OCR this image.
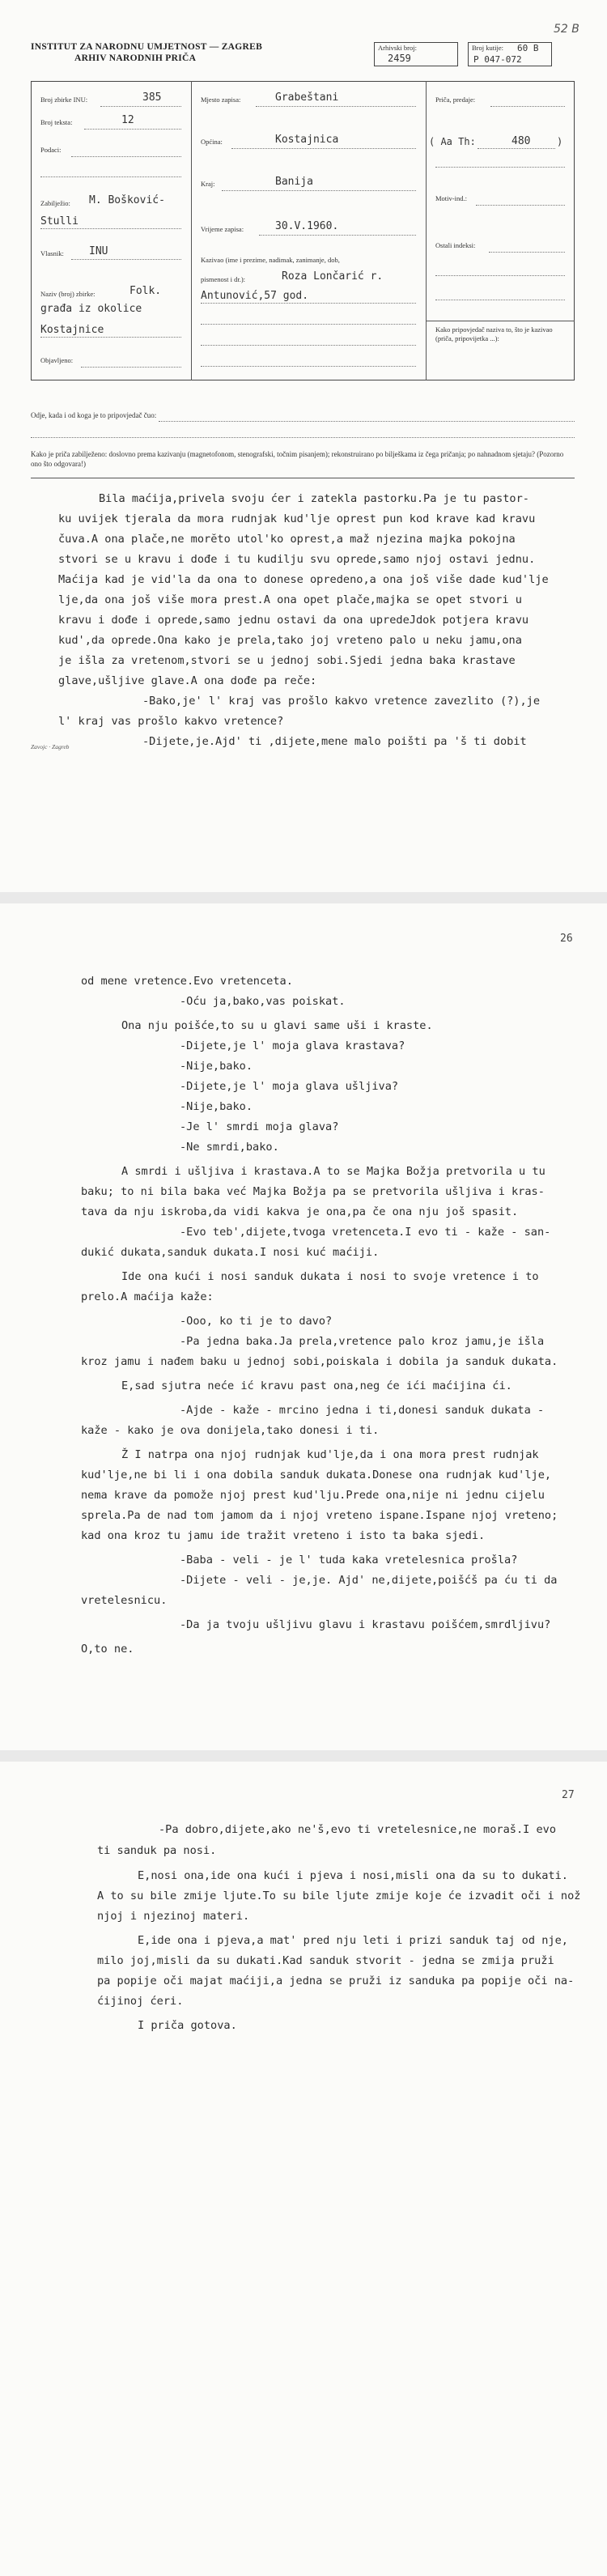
52 B
INSTITUT ZA NARODNU UMJETNOST — ZAGREB
ARHIV NARODNIH PRIČA
Arhivski broj:
2459
Broj kutije: 60 B
P 047-072
Broj zbirke INU:	385
Broj teksta:	12
Podaci:
Zabilježio: M. Bošković-
Stulli
Vlasnik: INU
Naziv (broj) zbirke:	Folk.
građa iz okolice
Kostajnice
Objavljeno:
Mjesto zapisa:	Grabeštani
Općina:	Kostajnica
Kraj:	Banija
Vrijeme zapisa:	30.V.1960.
Kazivao (ime i prezime, nadimak, zanimanje, dob,
pismenost i dr.):	Roza Lončarić r.
Antunović,57 god.
Priča, predaje:
( Aa Th:	480	)
Motiv-ind.:
Ostali indeksi:
Kako pripovjedač naziva to, što je kazivao (priča, pripovijetka ...):
Odje, kada i od koga je to pripovjedač čuo:
Kako je priča zabilježeno: doslovno prema kazivanju (magnetofonom, stenografski, točnim pisanjem); rekonstruirano po bilješkama iz čega pričanja; po nahnadnom sjetaju? (Pozorno ono što odgovara!)
Bila maćija,privela svoju ćer i zatekla pastorku.Pa je tu pastor-
ku uvijek tjerala da mora rudnjak kud'lje oprest pun kod krave kad kravu
čuva.A ona plače,ne morĕto utol'ko oprest,a maž njezina majka pokojna
stvori se u kravu i dođe i tu kudilju svu oprede,samo njoj ostavi jednu.
Maćija kad je vid'la da ona to donese opredeno,a ona još više dade kud'lje
lje,da ona još više mora prest.A ona opet plače,majka se opet stvori u
kravu i dođe i oprede,samo jednu ostavi da ona upredeJdok potjera kravu
kud',da oprede.Ona kako je prela,tako joj vreteno palo u neku jamu,ona
je išla za vretenom,stvori se u jednoj sobi.Sjedi jedna baka krastave
glave,ušljive glave.A ona dođe pa reče:
-Bako,je' l' kraj vas prošlo kakvo vretence zavezlito (?),je
l' kraj vas prošlo kakvo vretence?
-Dijete,je.Ajd' ti ,dijete,mene malo poišti pa 'š ti dobit
Zavojc · Zagreb
26
od mene vretence.Evo vretenceta.
-Oću ja,bako,vas poiskat.
Ona nju poišće,to su u glavi same uši i kraste.
-Dijete,je l' moja glava krastava?
-Nije,bako.
-Dijete,je l' moja glava ušljiva?
-Nije,bako.
-Je l' smrdi moja glava?
-Ne smrdi,bako.
A smrdi i ušljiva i krastava.A to se Majka Božja pretvorila u tu
baku; to ni bila baka već Majka Božja pa se pretvorila ušljiva i kras-
tava da nju iskroba,da vidi kakva je ona,pa če ona nju još spasit.
-Evo teb',dijete,tvoga vretenceta.I evo ti - kaže - san-
dukić dukata,sanduk dukata.I nosi kuć maćiji.
Ide ona kući i nosi sanduk dukata i nosi to svoje vretence i to
prelo.A maćija kaže:
-Ooo, ko ti je to davo?
-Pa jedna baka.Ja prela,vretence palo kroz jamu,je išla
kroz jamu i nađem baku u jednoj sobi,poiskala i dobila ja sanduk dukata.
E,sad sjutra neće ić kravu past ona,neg će ići maćijina ći.
-Ajde - kaže - mrcino jedna i ti,donesi sanduk dukata -
kaže - kako je ova donijela,tako donesi i ti.
Ž I natrpa ona njoj rudnjak kud'lje,da i ona mora prest rudnjak
kud'lje,ne bi li i ona dobila sanduk dukata.Donese ona rudnjak kud'lje,
nema krave da pomože njoj prest kud'lju.Prede ona,nije ni jednu cijelu
sprela.Pa de nad tom jamom da i njoj vreteno ispane.Ispane njoj vreteno;
kad ona kroz tu jamu ide tražit vreteno i isto ta baka sjedi.
-Baba - veli - je l' tuda kaka vretelesnica prošla?
-Dijete - veli - je,je. Ajd' ne,dijete,poišćš pa ću ti da
vretelesnicu.
-Da ja tvoju ušljivu glavu i krastavu poišćem,smrdljivu?
O,to ne.
27
-Pa dobro,dijete,ako ne'š,evo ti vretelesnice,ne moraš.I evo
ti sanduk pa nosi.
E,nosi ona,ide ona kući i pjeva i nosi,misli ona da su to dukati.
A to su bile zmije ljute.To su bile ljute zmije koje će izvadit oči i nož
njoj i njezinoj materi.
E,ide ona i pjeva,a mat' pred nju leti i prizi sanduk taj od nje,
milo joj,misli da su dukati.Kad sanduk stvorit - jedna se zmija pruži
pa popije oči majat maćiji,a jedna se pruži iz sanduka pa popije oči na-
ćijinoj ćeri.
I priča gotova.
